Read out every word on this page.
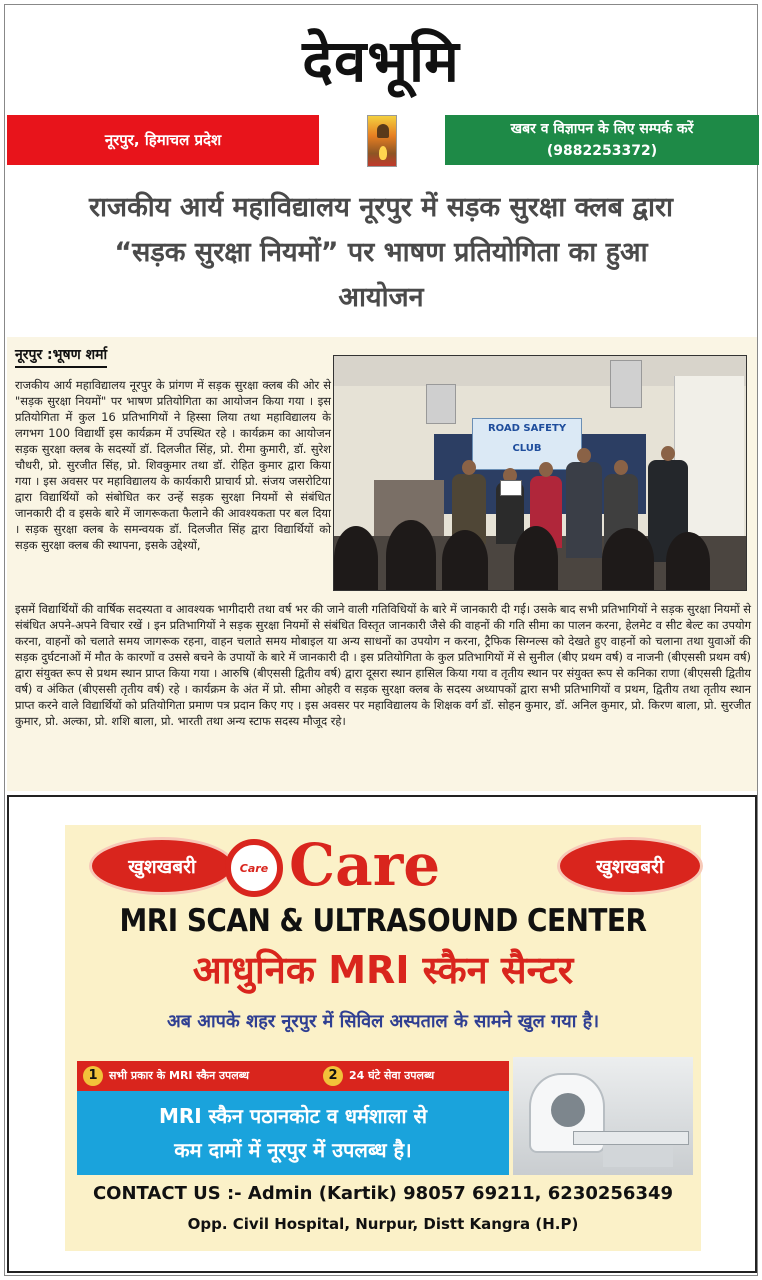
देवभूमि
नूरपुर, हिमाचल प्रदेश
खबर व विज्ञापन के लिए सम्पर्क करें
(9882253372)
राजकीय आर्य महाविद्यालय नूरपुर में सड़क सुरक्षा क्लब द्वारा
“सड़क सुरक्षा नियमों” पर भाषण प्रतियोगिता का हुआ
आयोजन
नूरपुर :भूषण शर्मा

राजकीय आर्य महाविद्यालय नूरपुर के प्रांगण में सड़क सुरक्षा क्लब की ओर से "सड़क सुरक्षा नियमों" पर भाषण प्रतियोगिता का आयोजन किया गया । इस प्रतियोगिता में कुल 16 प्रतिभागियों ने हिस्सा लिया तथा महाविद्यालय के लगभग 100 विद्यार्थी इस कार्यक्रम में उपस्थित रहे । कार्यक्रम का आयोजन सड़क सुरक्षा क्लब के सदस्यों डॉ. दिलजीत सिंह, प्रो. रीमा कुमारी, डॉ. सुरेश चौधरी, प्रो. सुरजीत सिंह, प्रो. शिवकुमार तथा डॉ. रोहित कुमार द्वारा किया गया । इस अवसर पर महाविद्यालय के कार्यकारी प्राचार्य प्रो. संजय जसरोटिया द्वारा विद्यार्थियों को संबोधित कर उन्हें सड़क सुरक्षा नियमों से संबंधित जानकारी दी व इसके बारे में जागरूकता फैलाने की आवश्यकता पर बल दिया । सड़क सुरक्षा क्लब के समन्वयक डॉ. दिलजीत सिंह द्वारा विद्यार्थियों को सड़क सुरक्षा क्लब की स्थापना, इसके उद्देश्यों,

ROAD SAFETY CLUB

इसमें विद्यार्थियों की वार्षिक सदस्यता व आवश्यक भागीदारी तथा वर्ष भर की जाने वाली गतिविधियों के बारे में जानकारी दी गई। उसके बाद सभी प्रतिभागियों ने सड़क सुरक्षा नियमों से संबंधित अपने-अपने विचार रखें । इन प्रतिभागियों ने सड़क सुरक्षा नियमों से संबंधित विस्तृत जानकारी जैसे की वाहनों की गति सीमा का पालन करना, हेलमेट व सीट बेल्ट का उपयोग करना, वाहनों को चलाते समय जागरूक रहना, वाहन चलाते समय मोबाइल या अन्य साधनों का उपयोग न करना, ट्रैफिक सिग्नल्स को देखते हुए वाहनों को चलाना तथा युवाओं की सड़क दुर्घटनाओं में मौत के कारणों व उससे बचने के उपायों के बारे में जानकारी दी । इस प्रतियोगिता के कुल प्रतिभागियों में से सुनील (बीए प्रथम वर्ष) व नाजनी (बीएससी प्रथम वर्ष) द्वारा संयुक्त रूप से प्रथम स्थान प्राप्त किया गया । आरुषि (बीएससी द्वितीय वर्ष) द्वारा दूसरा स्थान हासिल किया गया व तृतीय स्थान पर संयुक्त रूप से कनिका राणा (बीएससी द्वितीय वर्ष) व अंकित (बीएससी तृतीय वर्ष) रहे । कार्यक्रम के अंत में प्रो. सीमा ओहरी व सड़क सुरक्षा क्लब के सदस्य अध्यापकों द्वारा सभी प्रतिभागियों व प्रथम, द्वितीय तथा तृतीय स्थान प्राप्त करने वाले विद्यार्थियों को प्रतियोगिता प्रमाण पत्र प्रदान किए गए । इस अवसर पर महाविद्यालय के शिक्षक वर्ग डॉ. सोहन कुमार, डॉ. अनिल कुमार, प्रो. किरण बाला, प्रो. सुरजीत कुमार, प्रो. अल्का, प्रो. शशि बाला, प्रो. भारती तथा अन्य स्टाफ सदस्य मौजूद रहे।

खुशखबरी	Care Care	खुशखबरी
MRI SCAN & ULTRASOUND CENTER
आधुनिक MRI स्कैन सैन्टर
अब आपके शहर नूरपुर में सिविल अस्पताल के सामने खुल गया है।
1	सभी प्रकार के MRI स्कैन उपलब्ध	2	24 घंटे सेवा उपलब्ध
MRI स्कैन पठानकोट व धर्मशाला से
कम दामों में नूरपुर में उपलब्ध है।
CONTACT US :- Admin (Kartik) 98057 69211, 6230256349
Opp. Civil Hospital, Nurpur, Distt Kangra (H.P)
